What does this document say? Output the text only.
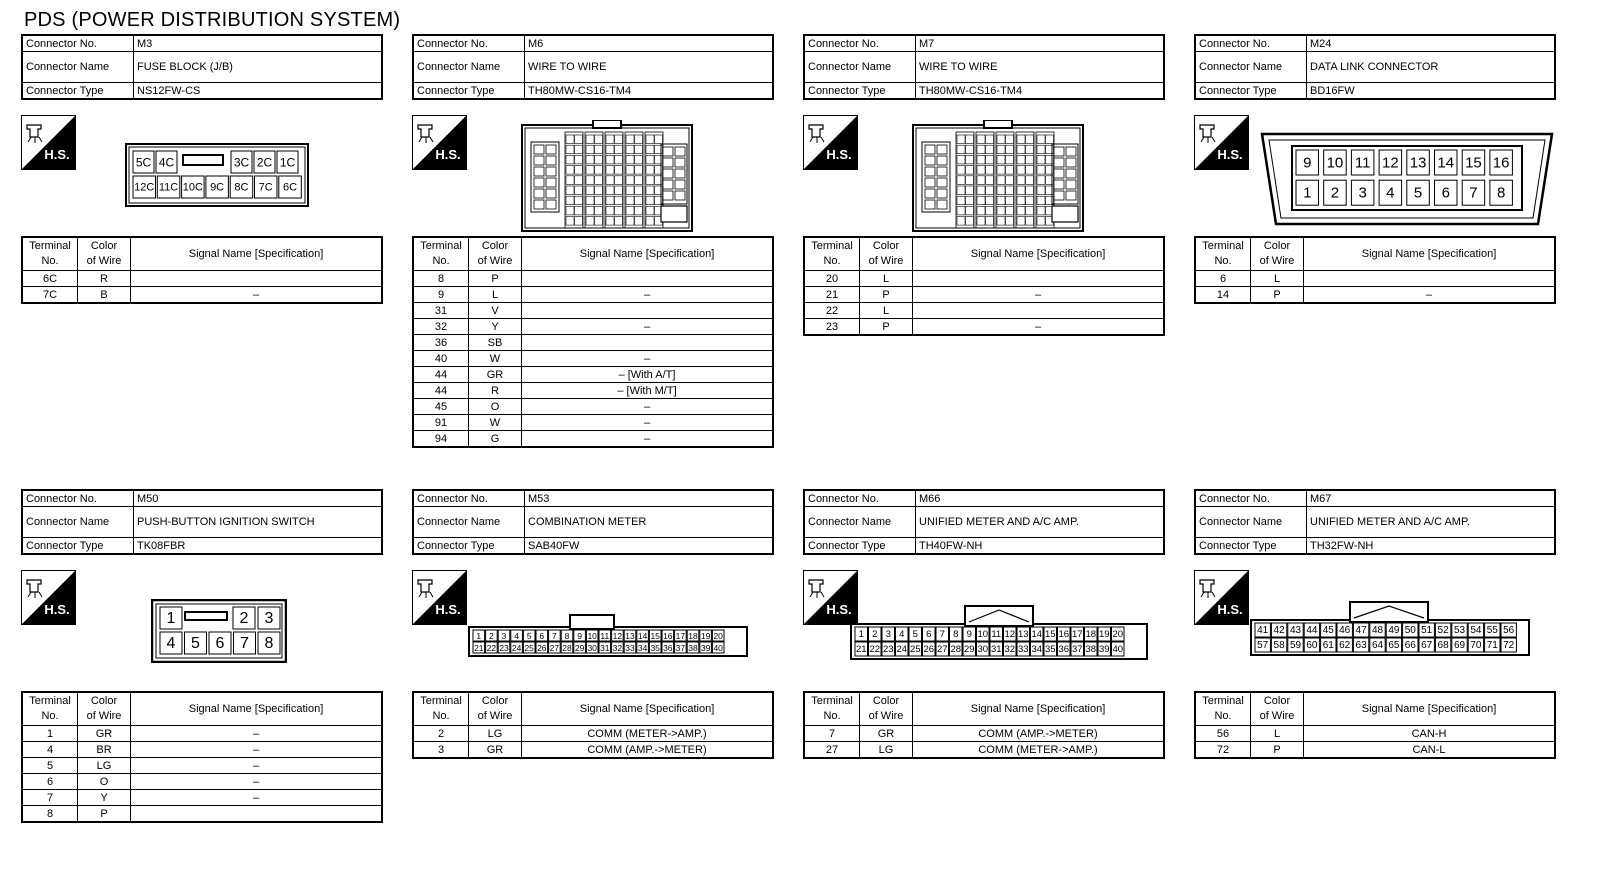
PDS (POWER DISTRIBUTION SYSTEM)
Connector No.	M3
Connector Name	FUSE BLOCK (J/B)
Connector Type	NS12FW-CS
H.S.
5C 4C	3C 2C 1C
12C 11C 10C 9C 8C 7C 6C
Terminal
No.	Color
of Wire	Signal Name [Specification]
6C	R	
7C	B	–
Connector No.	M6
Connector Name	WIRE TO WIRE
Connector Type	TH80MW-CS16-TM4
H.S.
Terminal
No.	Color
of Wire	Signal Name [Specification]
8	P	
9	L	–
31	V	
32	Y	–
36	SB	
40	W	–
44	GR	– [With A/T]
44	R	– [With M/T]
45	O	–
91	W	–
94	G	–
Connector No.	M7
Connector Name	WIRE TO WIRE
Connector Type	TH80MW-CS16-TM4
H.S.
Terminal
No.	Color
of Wire	Signal Name [Specification]
20	L	
21	P	–
22	L	
23	P	–
Connector No.	M24
Connector Name	DATA LINK CONNECTOR
Connector Type	BD16FW
H.S.	9 10 11 12 13 14 15 16
1 2 3 4 5 6 7 8
Terminal
No.	Color
of Wire	Signal Name [Specification]
6	L	
14	P	–
Connector No.	M50
Connector Name	PUSH-BUTTON IGNITION SWITCH
Connector Type	TK08FBR
H.S.
1	2 3
4 5 6 7 8
Terminal
No.	Color
of Wire	Signal Name [Specification]
1	GR	–
4	BR	–
5	LG	–
6	O	–
7	Y	–
8	P	
Connector No.	M53
Connector Name	COMBINATION METER
Connector Type	SAB40FW
H.S.
1 2 3 4 5 6 7 8 9 10 11 12 13 14 15 16 17 18 19 20
21 22 23 24 25 26 27 28 29 30 31 32 33 34 35 36 37 38 39 40
Terminal
No.	Color
of Wire	Signal Name [Specification]
2	LG	COMM (METER->AMP.)
3	GR	COMM (AMP.->METER)
Connector No.	M66
Connector Name	UNIFIED METER AND A/C AMP.
Connector Type	TH40FW-NH
H.S.
1 2 3 4 5 6 7 8 9 10 11 12 13 14 15 16 17 18 19 20
21 22 23 24 25 26 27 28 29 30 31 32 33 34 35 36 37 38 39 40
Terminal
No.	Color
of Wire	Signal Name [Specification]
7	GR	COMM (AMP.->METER)
27	LG	COMM (METER->AMP.)
Connector No.	M67
Connector Name	UNIFIED METER AND A/C AMP.
Connector Type	TH32FW-NH
H.S.
41 42 43 44 45 46 47 48 49 50 51 52 53 54 55 56
57 58 59 60 61 62 63 64 65 66 67 68 69 70 71 72
Terminal
No.	Color
of Wire	Signal Name [Specification]
56	L	CAN-H
72	P	CAN-L
